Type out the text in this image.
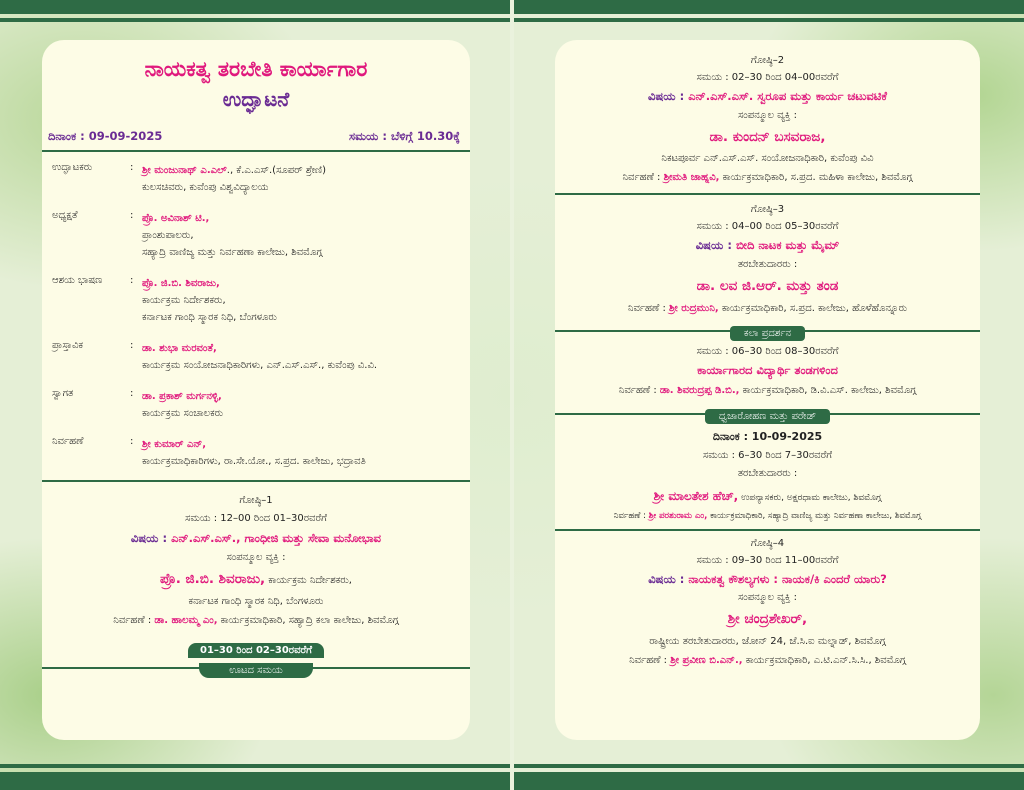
ನಾಯಕತ್ವ ತರಬೇತಿ ಕಾರ್ಯಾಗಾರ
ಉದ್ಘಾಟನೆ
ದಿನಾಂಕ : 09-09-2025	ಸಮಯ : ಬೆಳಿಗ್ಗೆ 10.30ಕ್ಕೆ
ಉದ್ಘಾಟಕರು	: ಶ್ರೀ ಮಂಜುನಾಥ್ ಎ.ಎಲ್., ಕೆ.ಎ.ಎಸ್.(ಸೂಪರ್ ಶ್ರೇಣಿ)
ಕುಲಸಚಿವರು, ಕುವೆಂಪು ವಿಶ್ವವಿದ್ಯಾಲಯ
ಅಧ್ಯಕ್ಷತೆ	: ಪ್ರೊ. ಅವಿನಾಶ್ ಟಿ.,
ಪ್ರಾಂಶುಪಾಲರು,
ಸಹ್ಯಾದ್ರಿ ವಾಣಿಜ್ಯ ಮತ್ತು ನಿರ್ವಹಣಾ ಕಾಲೇಜು, ಶಿವಮೊಗ್ಗ
ಆಶಯ ಭಾಷಣ	: ಪ್ರೊ. ಜಿ.ಬಿ. ಶಿವರಾಜು,
ಕಾರ್ಯಕ್ರಮ ನಿರ್ದೇಶಕರು,
ಕರ್ನಾಟಕ ಗಾಂಧಿ ಸ್ಮಾರಕ ನಿಧಿ, ಬೆಂಗಳೂರು
ಪ್ರಾಸ್ತಾವಿಕ	: ಡಾ. ಶುಭಾ ಮರವಂತೆ,
ಕಾರ್ಯಕ್ರಮ ಸಂಯೋಜನಾಧಿಕಾರಿಗಳು, ಎನ್.ಎಸ್.ಎಸ್., ಕುವೆಂಪು ವಿ.ವಿ.
ಸ್ವಾಗತ	: ಡಾ. ಪ್ರಕಾಶ್ ಮರ್ಗನಳ್ಳಿ,
ಕಾರ್ಯಕ್ರಮ ಸಂಚಾಲಕರು
ನಿರ್ವಹಣೆ	: ಶ್ರೀ ಕುಮಾರ್ ಎನ್,
ಕಾರ್ಯಕ್ರಮಾಧಿಕಾರಿಗಳು, ರಾ.ಸೇ.ಯೋ., ಸ.ಪ್ರದ. ಕಾಲೇಜು, ಭದ್ರಾವತಿ
ಗೋಷ್ಠಿ–1
ಸಮಯ : 12–00 ರಿಂದ 01–30ರವರೆಗೆ
ವಿಷಯ : ಎನ್.ಎಸ್.ಎಸ್., ಗಾಂಧೀಜಿ ಮತ್ತು ಸೇವಾ ಮನೋಭಾವ
ಸಂಪನ್ಮೂಲ ವ್ಯಕ್ತಿ :
ಪ್ರೊ. ಜಿ.ಬಿ. ಶಿವರಾಜು, ಕಾರ್ಯಕ್ರಮ ನಿರ್ದೇಶಕರು,
ಕರ್ನಾಟಕ ಗಾಂಧಿ ಸ್ಮಾರಕ ನಿಧಿ, ಬೆಂಗಳೂರು
ನಿರ್ವಹಣೆ : ಡಾ. ಹಾಲಮ್ಮ ಎಂ, ಕಾರ್ಯಕ್ರಮಾಧಿಕಾರಿ, ಸಹ್ಯಾದ್ರಿ ಕಲಾ ಕಾಲೇಜು, ಶಿವಮೊಗ್ಗ
01–30 ರಿಂದ 02–30ರವರೆಗೆ
ಊಟದ ಸಮಯ
ಗೋಷ್ಠಿ–2
ಸಮಯ : 02–30 ರಿಂದ 04–00ರವರೆಗೆ
ವಿಷಯ : ಎನ್.ಎಸ್.ಎಸ್. ಸ್ವರೂಪ ಮತ್ತು ಕಾರ್ಯ ಚಟುವಟಿಕೆ
ಸಂಪನ್ಮೂಲ ವ್ಯಕ್ತಿ :
ಡಾ. ಕುಂದನ್ ಬಸವರಾಜ,
ನಿಕಟಪೂರ್ವ ಎನ್.ಎಸ್.ಎಸ್. ಸಂಯೋಜನಾಧಿಕಾರಿ, ಕುವೆಂಪು ವಿವಿ
ನಿರ್ವಹಣೆ : ಶ್ರೀಮತಿ ಜಾಹ್ನವಿ, ಕಾರ್ಯಕ್ರಮಾಧಿಕಾರಿ, ಸ.ಪ್ರದ. ಮಹಿಳಾ ಕಾಲೇಜು, ಶಿವಮೊಗ್ಗ
ಗೋಷ್ಠಿ–3
ಸಮಯ : 04–00 ರಿಂದ 05–30ರವರೆಗೆ
ವಿಷಯ : ಬೀದಿ ನಾಟಕ ಮತ್ತು ಮೈಮ್
ತರಬೇತುದಾರರು :
ಡಾ. ಲವ ಜಿ.ಆರ್. ಮತ್ತು ತಂಡ
ನಿರ್ವಹಣೆ : ಶ್ರೀ ರುದ್ರಮುನಿ, ಕಾರ್ಯಕ್ರಮಾಧಿಕಾರಿ, ಸ.ಪ್ರದ. ಕಾಲೇಜು, ಹೊಳೆಹೊನ್ನೂರು
ಕಲಾ ಪ್ರದರ್ಶನ
ಸಮಯ : 06–30 ರಿಂದ 08–30ರವರೆಗೆ
ಕಾರ್ಯಾಗಾರದ ವಿದ್ಯಾರ್ಥಿ ತಂಡಗಳಿಂದ
ನಿರ್ವಹಣೆ : ಡಾ. ಶಿವರುದ್ರಪ್ಪ ಡಿ.ಬಿ., ಕಾರ್ಯಕ್ರಮಾಧಿಕಾರಿ, ಡಿ.ವಿ.ಎಸ್. ಕಾಲೇಜು, ಶಿವಮೊಗ್ಗ
ಧ್ವಜಾರೋಹಣ ಮತ್ತು ಪರೇಡ್
ದಿನಾಂಕ : 10-09-2025
ಸಮಯ : 6–30 ರಿಂದ 7–30ರವರೆಗೆ
ತರಬೇತುದಾರರು :
ಶ್ರೀ ಮಾಲತೇಶ ಹೆಚ್, ಉಪನ್ಯಾಸಕರು, ಅಕ್ಷರಧಾಮ ಕಾಲೇಜು, ಶಿವಮೊಗ್ಗ
ನಿರ್ವಹಣೆ : ಶ್ರೀ ಪರಶುರಾಮ ಎಂ, ಕಾರ್ಯಕ್ರಮಾಧಿಕಾರಿ, ಸಹ್ಯಾದ್ರಿ ವಾಣಿಜ್ಯ ಮತ್ತು ನಿರ್ವಹಣಾ ಕಾಲೇಜು, ಶಿವಮೊಗ್ಗ
ಗೋಷ್ಠಿ–4
ಸಮಯ : 09–30 ರಿಂದ 11–00ರವರೆಗೆ
ವಿಷಯ : ನಾಯಕತ್ವ ಕೌಶಲ್ಯಗಳು : ನಾಯಕ/ಕಿ ಎಂದರೆ ಯಾರು?
ಸಂಪನ್ಮೂಲ ವ್ಯಕ್ತಿ :
ಶ್ರೀ ಚಂದ್ರಶೇಖರ್,
ರಾಷ್ಟ್ರೀಯ ತರಬೇತುದಾರರು, ಜೋನ್ 24, ಜೆ.ಸಿ.ಐ ಮಲ್ನಾಡ್, ಶಿವಮೊಗ್ಗ
ನಿರ್ವಹಣೆ : ಶ್ರೀ ಪ್ರವೀಣ ಬಿ.ಎನ್., ಕಾರ್ಯಕ್ರಮಾಧಿಕಾರಿ, ಎ.ಟಿ.ಎನ್.ಸಿ.ಸಿ., ಶಿವಮೊಗ್ಗ
